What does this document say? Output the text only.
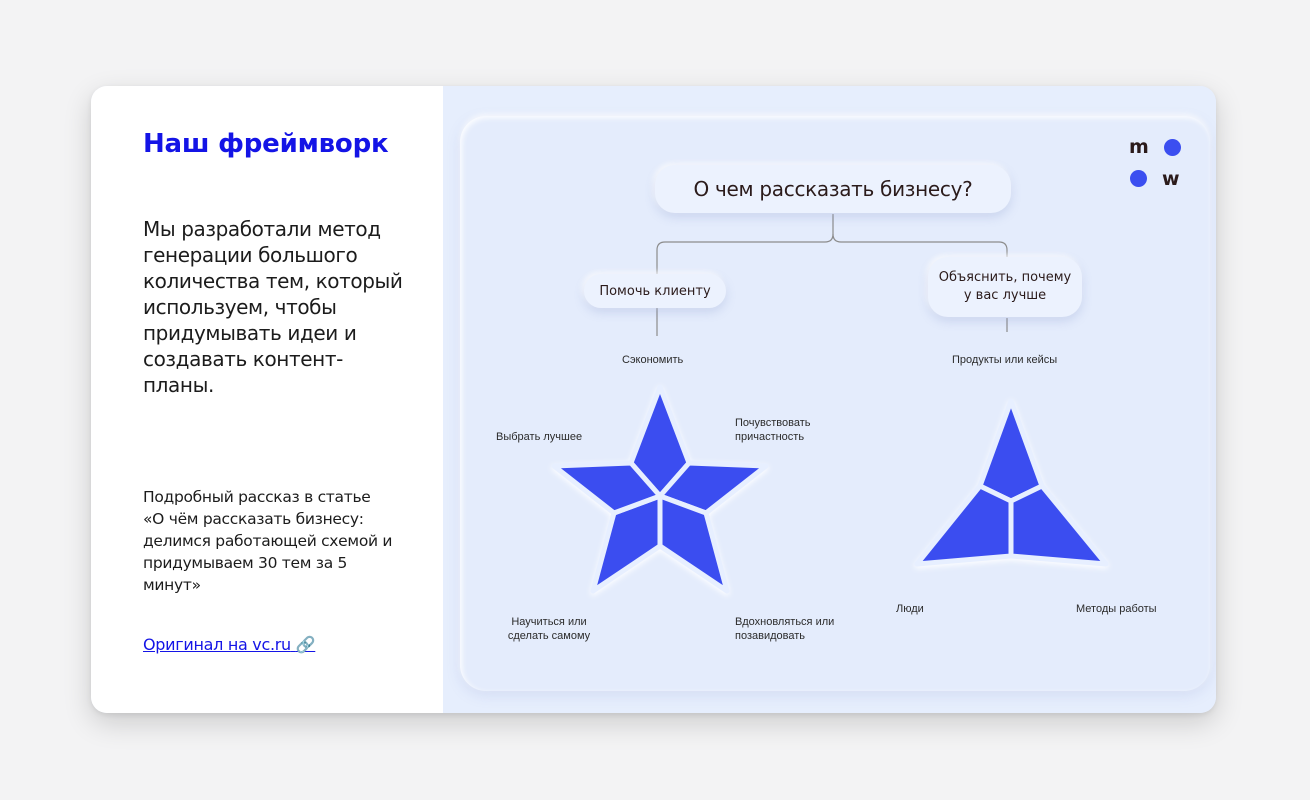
Наш фреймворк
Мы разработали метод генерации большого количества тем, который используем, чтобы придумывать идеи и создавать контент-планы.
Подробный рассказ в статье «О чём рассказать бизнесу: делимся работающей схемой и придумываем 30 тем за 5 минут»
Оригинал на vc.ru 🔗
О чем рассказать бизнесу?
Помочь клиенту
Объяснить, почему у вас лучше
Сэкономить
Выбрать лучшее
Почувствовать причастность
Научиться или сделать самому
Вдохновляться или позавидовать
Продукты или кейсы
Люди	Методы работы
m
w
